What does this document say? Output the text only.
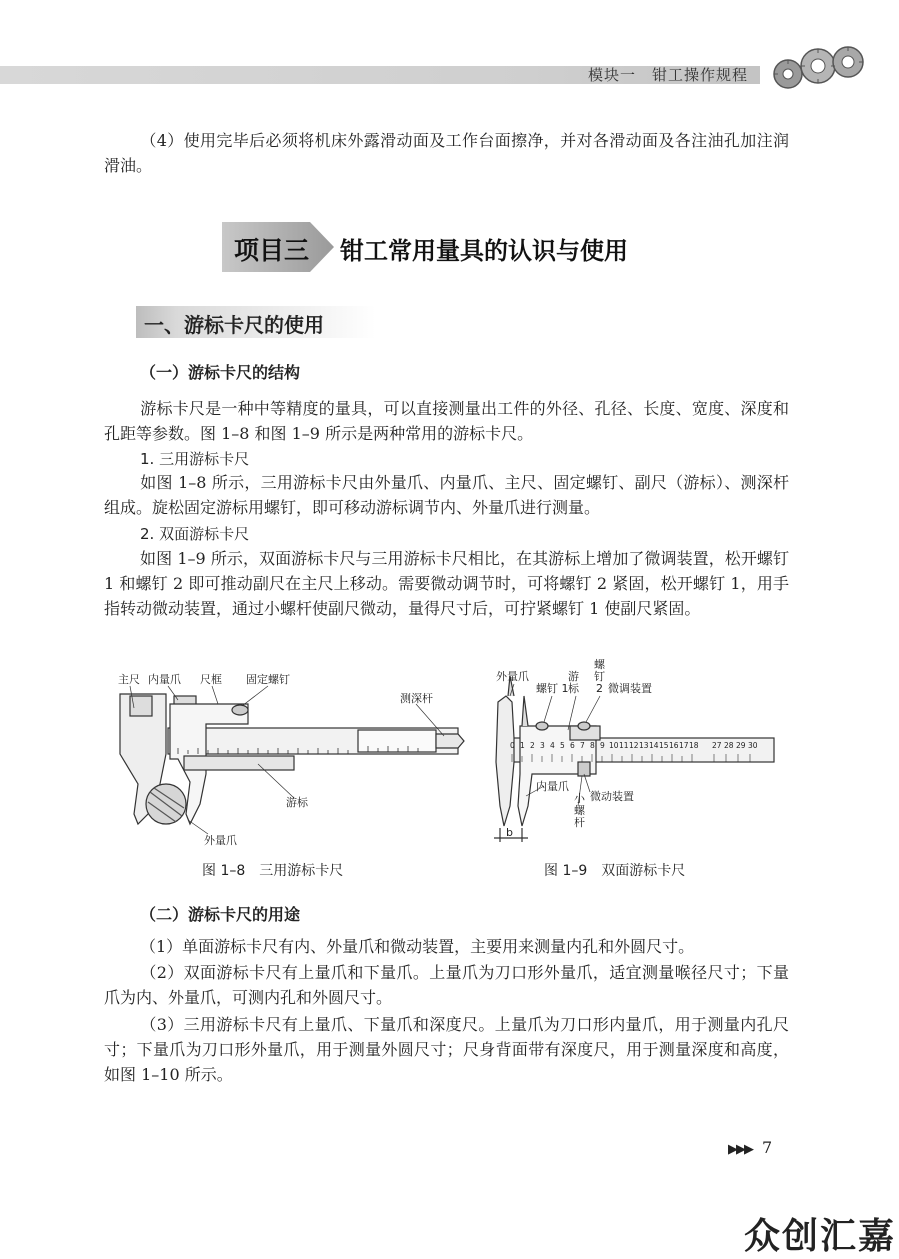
模块一　钳工操作规程

（4）使用完毕后必须将机床外露滑动面及工作台面擦净，并对各滑动面及各注油孔加注润滑油。

项目三 钳工常用量具的认识与使用
一、游标卡尺的使用
（一）游标卡尺的结构

游标卡尺是一种中等精度的量具，可以直接测量出工件的外径、孔径、长度、宽度、深度和孔距等参数。图 1–8 和图 1–9 所示是两种常用的游标卡尺。

1. 三用游标卡尺

如图 1–8 所示，三用游标卡尺由外量爪、内量爪、主尺、固定螺钉、副尺（游标）、测深杆组成。旋松固定游标用螺钉，即可移动游标调节内、外量爪进行测量。

2. 双面游标卡尺

如图 1–9 所示，双面游标卡尺与三用游标卡尺相比，在其游标上增加了微调装置，松开螺钉 1 和螺钉 2 即可推动副尺在主尺上移动。需要微动调节时，可将螺钉 2 紧固，松开螺钉 1，用手指转动微动装置，通过小螺杆使副尺微动，量得尺寸后，可拧紧螺钉 1 使副尺紧固。

主尺 内量爪 尺框 固定螺钉
测深杆
游标
外量爪
图 1–8　三用游标卡尺
0 1 2 3 4 5 6 7 8 9 10 11 12 13 14 15 16 17 18 27 28 29 30
外量爪
螺钉 1
游
标
螺
钉
2 微调装置
内量爪
微动装置
小
螺
杆
b
图 1–9　双面游标卡尺
（二）游标卡尺的用途

（1）单面游标卡尺有内、外量爪和微动装置，主要用来测量内孔和外圆尺寸。

（2）双面游标卡尺有上量爪和下量爪。上量爪为刀口形外量爪，适宜测量喉径尺寸；下量爪为内、外量爪，可测内孔和外圆尺寸。

（3）三用游标卡尺有上量爪、下量爪和深度尺。上量爪为刀口形内量爪，用于测量内孔尺寸；下量爪为刀口形外量爪，用于测量外圆尺寸；尺身背面带有深度尺，用于测量深度和高度，如图 1–10 所示。

▶▶▶ 7
众创汇嘉
